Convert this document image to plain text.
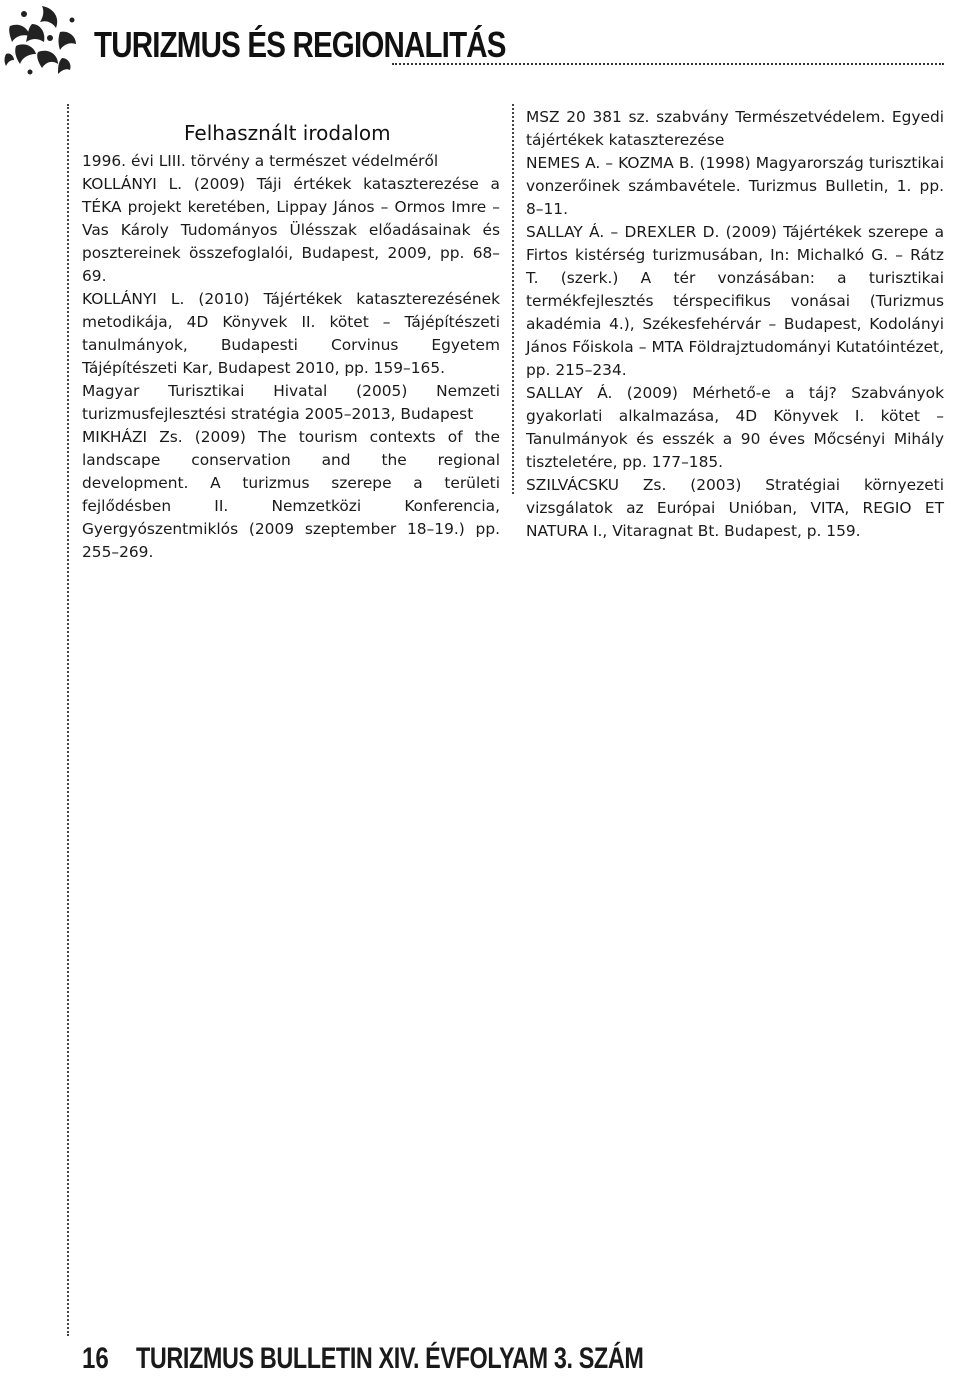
TURIZMUS ÉS REGIONALITÁS
Felhasznált irodalom

1996. évi LIII. törvény a természet védelméről

KOLLÁNYI L. (2009) Táji értékek kataszterezése a TÉKA projekt keretében, Lippay János – Ormos Imre – Vas Károly Tudományos Ülésszak előadásainak és posztereinek összefoglalói, Budapest, 2009, pp. 68–69.

KOLLÁNYI L. (2010) Tájértékek kataszterezésének metodikája, 4D Könyvek II. kötet – Tájépítészeti tanulmányok, Budapesti Corvinus Egyetem Tájépítészeti Kar, Budapest 2010, pp. 159–165.

Magyar Turisztikai Hivatal (2005) Nemzeti turizmusfejlesztési stratégia 2005–2013, Budapest

MIKHÁZI Zs. (2009) The tourism contexts of the landscape conservation and the regional development. A turizmus szerepe a területi fejlődésben II. Nemzetközi Konferencia, Gyergyószentmiklós (2009 szeptember 18–19.) pp. 255–269.

MSZ 20 381 sz. szabvány Természetvédelem. Egyedi tájértékek kataszterezése

NEMES A. – KOZMA B. (1998) Magyarország turisztikai vonzerőinek számbavétele. Turizmus Bulletin, 1. pp. 8–11.

SALLAY Á. – DREXLER D. (2009) Tájértékek szerepe a Firtos kistérség turizmusában, In: Michalkó G. – Rátz T. (szerk.) A tér vonzásában: a turisztikai termékfejlesztés térspecifikus vonásai (Turizmus akadémia 4.), Székesfehérvár – Budapest, Kodolányi János Főiskola – MTA Földrajztudományi Kutatóintézet, pp. 215–234.

SALLAY Á. (2009) Mérhető-e a táj? Szabványok gyakorlati alkalmazása, 4D Könyvek I. kötet – Tanulmányok és esszék a 90 éves Mőcsényi Mihály tiszteletére, pp. 177–185.

SZILVÁCSKU Zs. (2003) Stratégiai környezeti vizsgálatok az Európai Unióban, VITA, REGIO ET NATURA I., Vitaragnat Bt. Budapest, p. 159.

16 TURIZMUS BULLETIN XIV. ÉVFOLYAM 3. SZÁM
